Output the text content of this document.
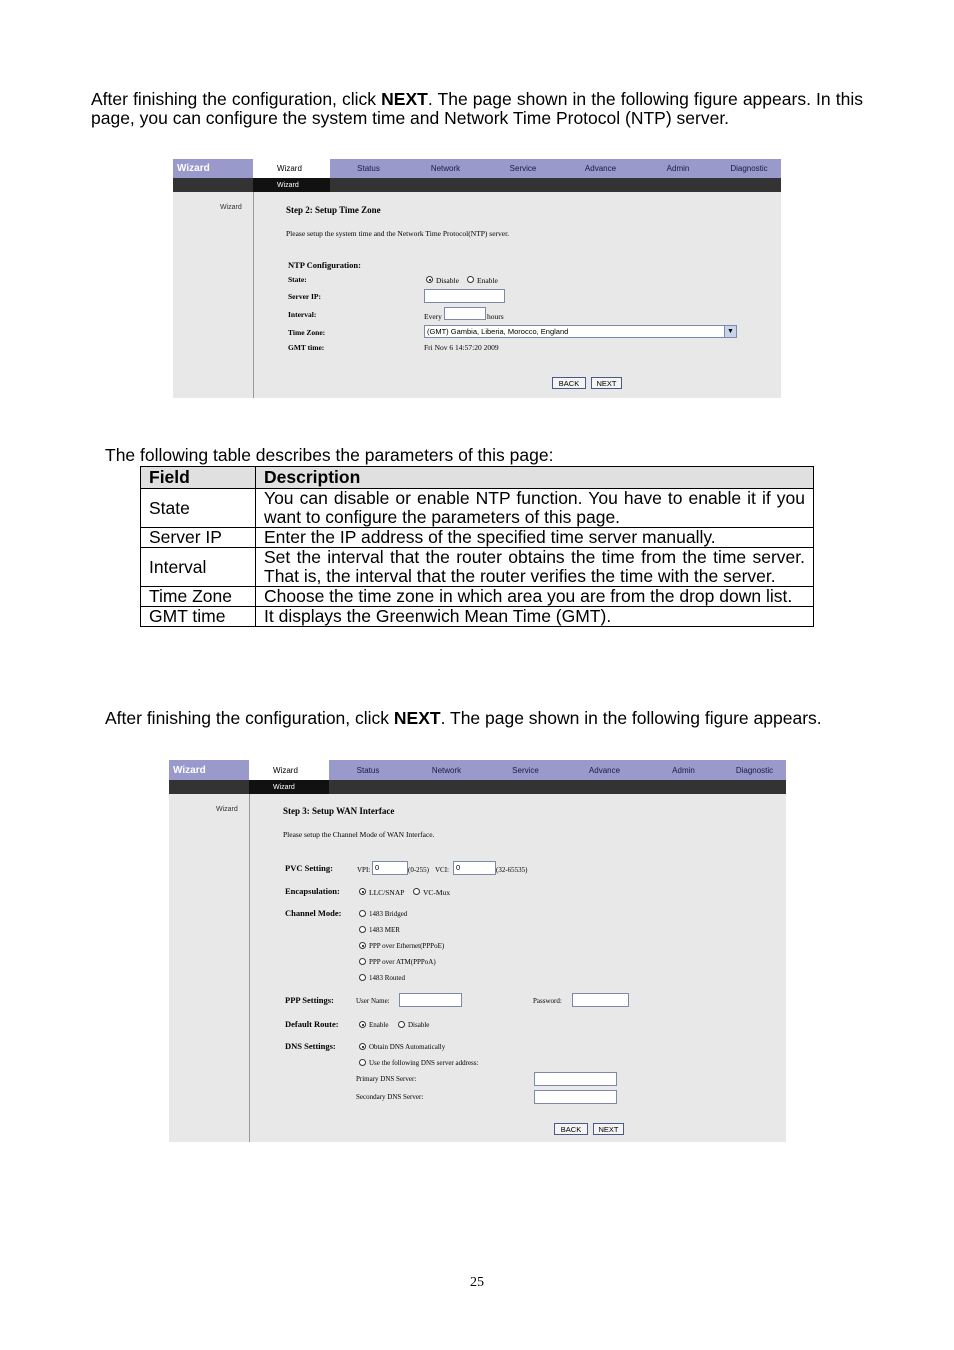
After finishing the configuration, click NEXT. The page shown in the following figure appears. In this page, you can configure the system time and Network Time Protocol (NTP) server.
Wizard	Wizard	Status	Network	Service	Advance	Admin	Diagnostic
Wizard
Wizard	Step 2: Setup Time Zone
Please setup the system time and the Network Time Protocol(NTP) server.
NTP Configuration:
State:	Disable Enable
Server IP:
Interval:	Every	hours
Time Zone:	(GMT) Gambia, Liberia, Morocco, England	▼
GMT time:	Fri Nov 6 14:57:20 2009
BACK	NEXT
The following table describes the parameters of this page:
Field	Description
State	You can disable or enable NTP function. You have to enable it if you want to configure the parameters of this page.
Server IP	Enter the IP address of the specified time server manually.
Interval	Set the interval that the router obtains the time from the time server. That is, the interval that the router verifies the time with the server.
Time Zone	Choose the time zone in which area you are from the drop down list.
GMT time	It displays the Greenwich Mean Time (GMT).
After finishing the configuration, click NEXT. The page shown in the following figure appears.
Wizard	Wizard	Status	Network	Service	Advance	Admin	Diagnostic
Wizard
Wizard	Step 3: Setup WAN Interface
Please setup the Channel Mode of WAN Interface.
PVC Setting:	VPI: 0	(0-255) VCI: 0	(32-65535)
Encapsulation:	LLC/SNAP VC-Mux
Channel Mode:	1483 Bridged
1483 MER
PPP over Ethernet(PPPoE)
PPP over ATM(PPPoA)
1483 Routed
PPP Settings:	User Name:	Password:
Default Route:	Enable	Disable
DNS Settings:	Obtain DNS Automatically
Use the following DNS server address:
Primary DNS Server:
Secondary DNS Server:
BACK	NEXT
25
